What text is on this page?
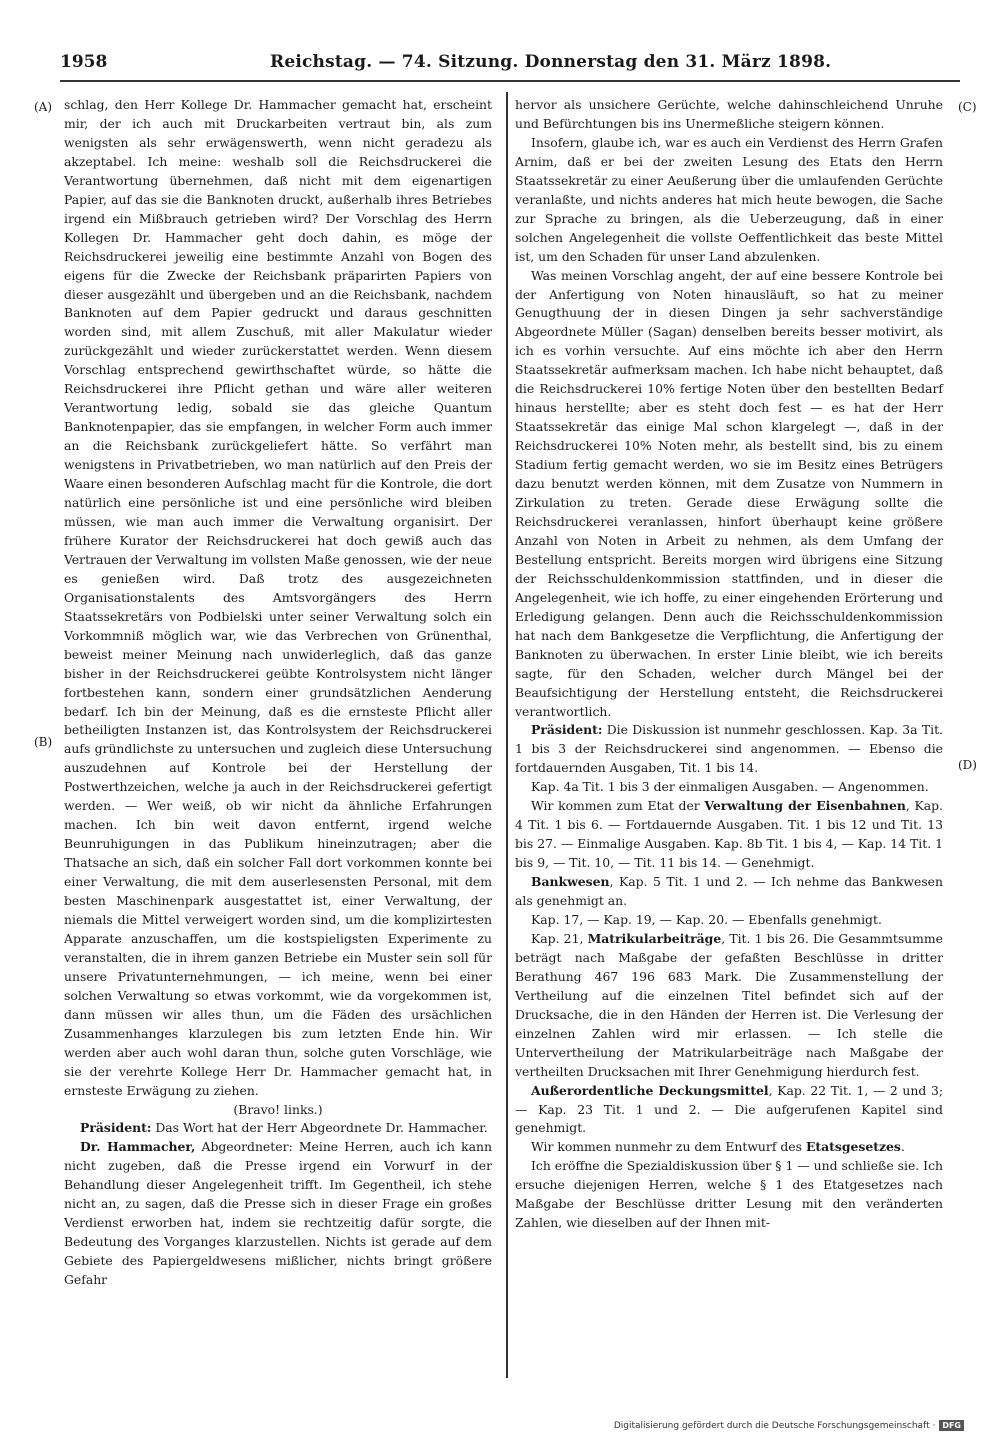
1958	Reichstag. — 74. Sitzung. Donnerstag den 31. März 1898.
(A)
(B)
(C)
(D)

schlag, den Herr Kollege Dr. Hammacher gemacht hat, erscheint mir, der ich auch mit Druckarbeiten vertraut bin, als zum wenigsten als sehr erwägenswerth, wenn nicht geradezu als akzeptabel. Ich meine: weshalb soll die Reichsdruckerei die Verantwortung übernehmen, daß nicht mit dem eigenartigen Papier, auf das sie die Banknoten druckt, außerhalb ihres Betriebes irgend ein Mißbrauch getrieben wird? Der Vorschlag des Herrn Kollegen Dr. Hammacher geht doch dahin, es möge der Reichsdruckerei jeweilig eine bestimmte Anzahl von Bogen des eigens für die Zwecke der Reichsbank präparirten Papiers von dieser ausgezählt und übergeben und an die Reichsbank, nachdem Banknoten auf dem Papier gedruckt und daraus geschnitten worden sind, mit allem Zuschuß, mit aller Makulatur wieder zurückgezählt und wieder zurückerstattet werden. Wenn diesem Vorschlag entsprechend gewirthschaftet würde, so hätte die Reichsdruckerei ihre Pflicht gethan und wäre aller weiteren Verantwortung ledig, sobald sie das gleiche Quantum Banknotenpapier, das sie empfangen, in welcher Form auch immer an die Reichsbank zurückgeliefert hätte. So verfährt man wenigstens in Privatbetrieben, wo man natürlich auf den Preis der Waare einen besonderen Aufschlag macht für die Kontrole, die dort natürlich eine persönliche ist und eine persönliche wird bleiben müssen, wie man auch immer die Verwaltung organisirt. Der frühere Kurator der Reichsdruckerei hat doch gewiß auch das Vertrauen der Verwaltung im vollsten Maße genossen, wie der neue es genießen wird. Daß trotz des ausgezeichneten Organisationstalents des Amtsvorgängers des Herrn Staatssekretärs von Podbielski unter seiner Verwaltung solch ein Vorkommniß möglich war, wie das Verbrechen von Grünenthal, beweist meiner Meinung nach unwiderleglich, daß das ganze bisher in der Reichsdruckerei geübte Kontrolsystem nicht länger fortbestehen kann, sondern einer grundsätzlichen Aenderung bedarf. Ich bin der Meinung, daß es die ernsteste Pflicht aller betheiligten Instanzen ist, das Kontrolsystem der Reichsdruckerei aufs gründlichste zu untersuchen und zugleich diese Untersuchung auszudehnen auf Kontrole bei der Herstellung der Postwerthzeichen, welche ja auch in der Reichsdruckerei gefertigt werden. — Wer weiß, ob wir nicht da ähnliche Erfahrungen machen. Ich bin weit davon entfernt, irgend welche Beunruhigungen in das Publikum hineinzutragen; aber die Thatsache an sich, daß ein solcher Fall dort vorkommen konnte bei einer Verwaltung, die mit dem auserlesensten Personal, mit dem besten Maschinenpark ausgestattet ist, einer Verwaltung, der niemals die Mittel verweigert worden sind, um die komplizirtesten Apparate anzuschaffen, um die kostspieligsten Experimente zu veranstalten, die in ihrem ganzen Betriebe ein Muster sein soll für unsere Privatunternehmungen, — ich meine, wenn bei einer solchen Verwaltung so etwas vorkommt, wie da vorgekommen ist, dann müssen wir alles thun, um die Fäden des ursächlichen Zusammenhanges klarzulegen bis zum letzten Ende hin. Wir werden aber auch wohl daran thun, solche guten Vorschläge, wie sie der verehrte Kollege Herr Dr. Hammacher gemacht hat, in ernsteste Erwägung zu ziehen.

(Bravo! links.)

Präsident: Das Wort hat der Herr Abgeordnete Dr. Hammacher.

Dr. Hammacher, Abgeordneter: Meine Herren, auch ich kann nicht zugeben, daß die Presse irgend ein Vorwurf in der Behandlung dieser Angelegenheit trifft. Im Gegentheil, ich stehe nicht an, zu sagen, daß die Presse sich in dieser Frage ein großes Verdienst erworben hat, indem sie rechtzeitig dafür sorgte, die Bedeutung des Vorganges klarzustellen. Nichts ist gerade auf dem Gebiete des Papiergeldwesens mißlicher, nichts bringt größere Gefahr

hervor als unsichere Gerüchte, welche dahinschleichend Unruhe und Befürchtungen bis ins Unermeßliche steigern können.

Insofern, glaube ich, war es auch ein Verdienst des Herrn Grafen Arnim, daß er bei der zweiten Lesung des Etats den Herrn Staatssekretär zu einer Aeußerung über die umlaufenden Gerüchte veranlaßte, und nichts anderes hat mich heute bewogen, die Sache zur Sprache zu bringen, als die Ueberzeugung, daß in einer solchen Angelegenheit die vollste Oeffentlichkeit das beste Mittel ist, um den Schaden für unser Land abzulenken.

Was meinen Vorschlag angeht, der auf eine bessere Kontrole bei der Anfertigung von Noten hinausläuft, so hat zu meiner Genugthuung der in diesen Dingen ja sehr sachverständige Abgeordnete Müller (Sagan) denselben bereits besser motivirt, als ich es vorhin versuchte. Auf eins möchte ich aber den Herrn Staatssekretär aufmerksam machen. Ich habe nicht behauptet, daß die Reichsdruckerei 10% fertige Noten über den bestellten Bedarf hinaus herstellte; aber es steht doch fest — es hat der Herr Staatssekretär das einige Mal schon klargelegt —, daß in der Reichsdruckerei 10% Noten mehr, als bestellt sind, bis zu einem Stadium fertig gemacht werden, wo sie im Besitz eines Betrügers dazu benutzt werden können, mit dem Zusatze von Nummern in Zirkulation zu treten. Gerade diese Erwägung sollte die Reichsdruckerei veranlassen, hinfort überhaupt keine größere Anzahl von Noten in Arbeit zu nehmen, als dem Umfang der Bestellung entspricht. Bereits morgen wird übrigens eine Sitzung der Reichsschuldenkommission stattfinden, und in dieser die Angelegenheit, wie ich hoffe, zu einer eingehenden Erörterung und Erledigung gelangen. Denn auch die Reichsschuldenkommission hat nach dem Bankgesetze die Verpflichtung, die Anfertigung der Banknoten zu überwachen. In erster Linie bleibt, wie ich bereits sagte, für den Schaden, welcher durch Mängel bei der Beaufsichtigung der Herstellung entsteht, die Reichsdruckerei verantwortlich.

Präsident: Die Diskussion ist nunmehr geschlossen. Kap. 3a Tit. 1 bis 3 der Reichsdruckerei sind angenommen. — Ebenso die fortdauernden Ausgaben, Tit. 1 bis 14.

Kap. 4a Tit. 1 bis 3 der einmaligen Ausgaben. — Angenommen.

Wir kommen zum Etat der Verwaltung der Eisenbahnen, Kap. 4 Tit. 1 bis 6. — Fortdauernde Ausgaben. Tit. 1 bis 12 und Tit. 13 bis 27. — Einmalige Ausgaben. Kap. 8b Tit. 1 bis 4, — Kap. 14 Tit. 1 bis 9, — Tit. 10, — Tit. 11 bis 14. — Genehmigt.

Bankwesen, Kap. 5 Tit. 1 und 2. — Ich nehme das Bankwesen als genehmigt an.

Kap. 17, — Kap. 19, — Kap. 20. — Ebenfalls genehmigt.

Kap. 21, Matrikularbeiträge, Tit. 1 bis 26. Die Gesammtsumme beträgt nach Maßgabe der gefaßten Beschlüsse in dritter Berathung 467 196 683 Mark. Die Zusammenstellung der Vertheilung auf die einzelnen Titel befindet sich auf der Drucksache, die in den Händen der Herren ist. Die Verlesung der einzelnen Zahlen wird mir erlassen. — Ich stelle die Untervertheilung der Matrikularbeiträge nach Maßgabe der vertheilten Drucksachen mit Ihrer Genehmigung hierdurch fest.

Außerordentliche Deckungsmittel, Kap. 22 Tit. 1, — 2 und 3; — Kap. 23 Tit. 1 und 2. — Die aufgerufenen Kapitel sind genehmigt.

Wir kommen nunmehr zu dem Entwurf des Etatsgesetzes.

Ich eröffne die Spezialdiskussion über § 1 — und schließe sie. Ich ersuche diejenigen Herren, welche § 1 des Etatgesetzes nach Maßgabe der Beschlüsse dritter Lesung mit den veränderten Zahlen, wie dieselben auf der Ihnen mit-

Digitalisierung gefördert durch die Deutsche Forschungsgemeinschaft · DFG
